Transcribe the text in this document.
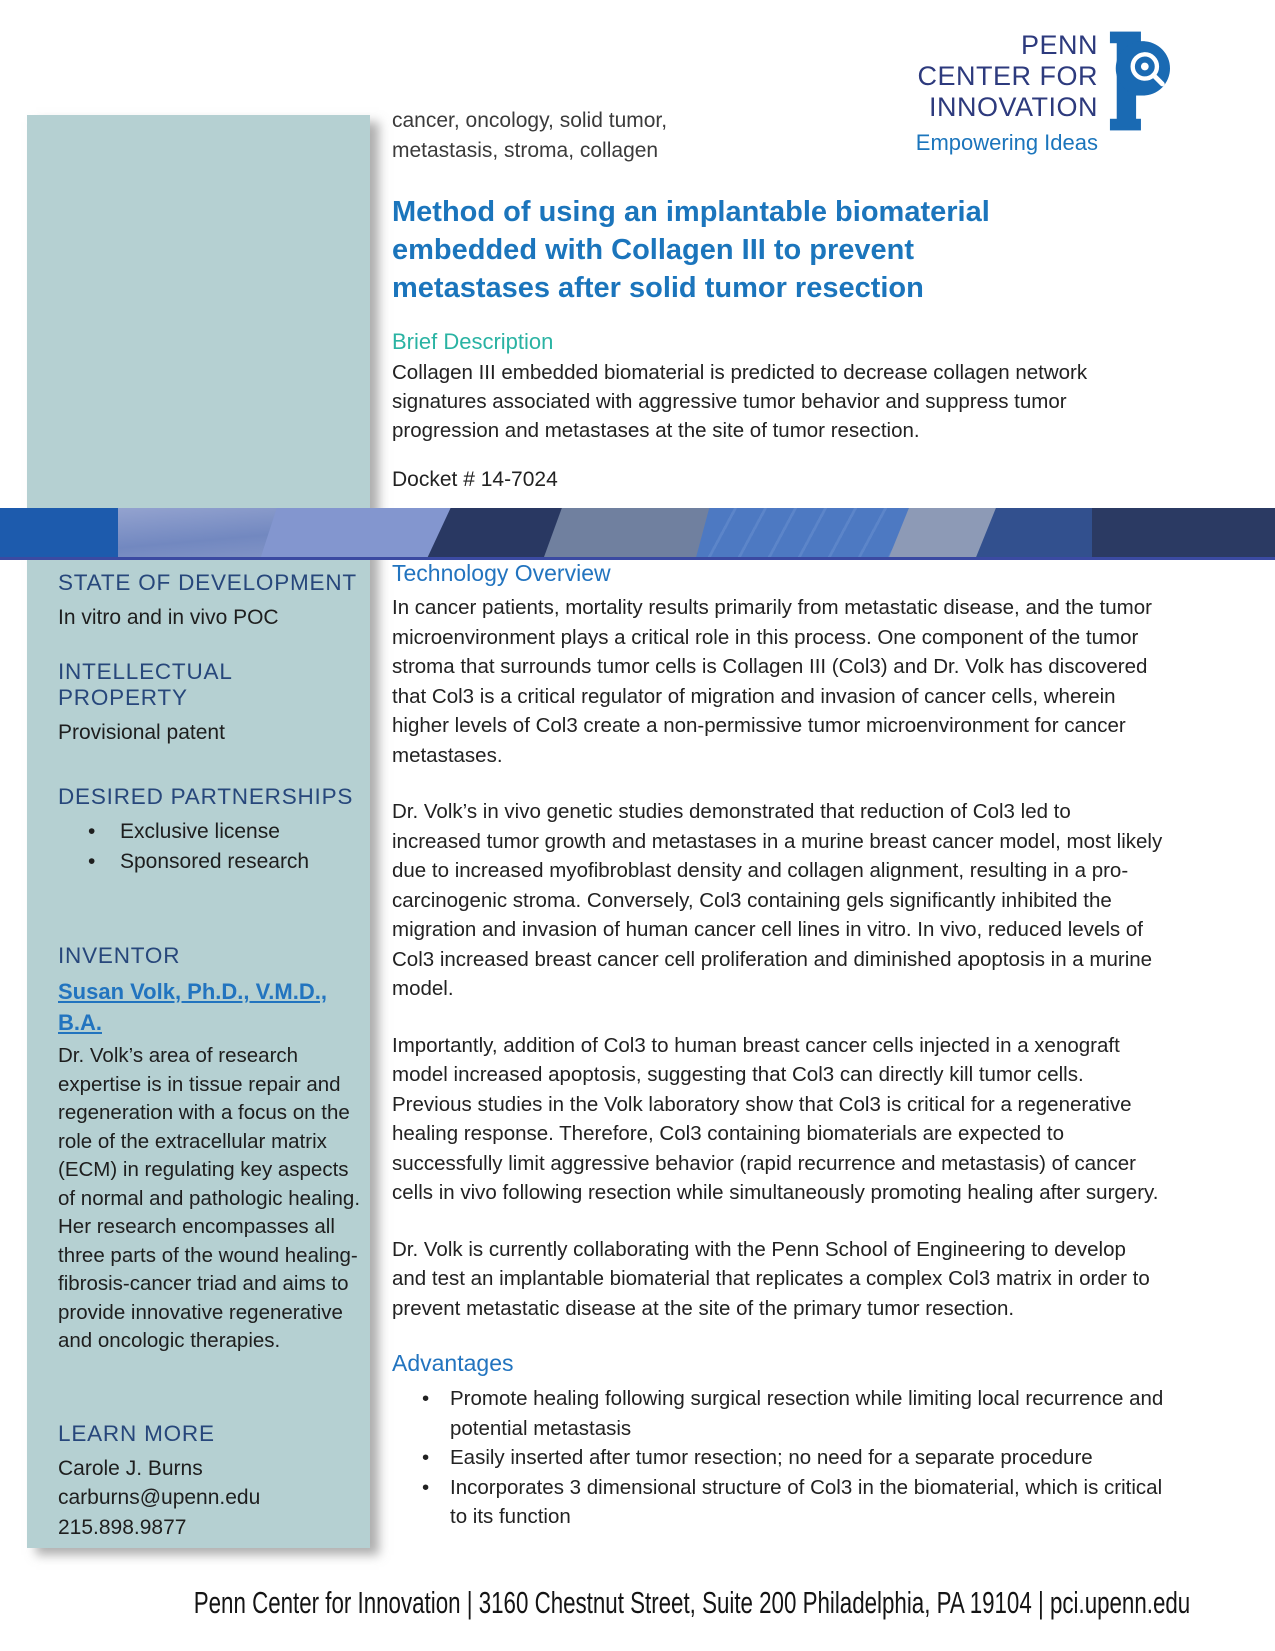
PENN
CENTER FOR
INNOVATION
Empowering Ideas
cancer, oncology, solid tumor,
metastasis, stroma, collagen
Method of using an implantable biomaterial
embedded with Collagen III to prevent
metastases after solid tumor resection
Brief Description
Collagen III embedded biomaterial is predicted to decrease collagen network signatures associated with aggressive tumor behavior and suppress tumor progression and metastases at the site of tumor resection.
Docket # 14-7024
STATE OF DEVELOPMENT
In vitro and in vivo POC
INTELLECTUAL PROPERTY
Provisional patent
DESIRED PARTNERSHIPS
• Exclusive license
• Sponsored research
INVENTOR
Susan Volk, Ph.D., V.M.D., B.A.
Dr. Volk’s area of research expertise is in tissue repair and regeneration with a focus on the role of the extracellular matrix (ECM) in regulating key aspects of normal and pathologic healing. Her research encompasses all three parts of the wound healing-fibrosis-cancer triad and aims to provide innovative regenerative and oncologic therapies.
LEARN MORE
Carole J. Burns
carburns@upenn.edu
215.898.9877
Technology Overview

In cancer patients, mortality results primarily from metastatic disease, and the tumor microenvironment plays a critical role in this process. One component of the tumor stroma that surrounds tumor cells is Collagen III (Col3) and Dr. Volk has discovered that Col3 is a critical regulator of migration and invasion of cancer cells, wherein higher levels of Col3 create a non-permissive tumor microenvironment for cancer metastases.

Dr. Volk’s in vivo genetic studies demonstrated that reduction of Col3 led to increased tumor growth and metastases in a murine breast cancer model, most likely due to increased myofibroblast density and collagen alignment, resulting in a pro-carcinogenic stroma. Conversely, Col3 containing gels significantly inhibited the migration and invasion of human cancer cell lines in vitro. In vivo, reduced levels of Col3 increased breast cancer cell proliferation and diminished apoptosis in a murine model.

Importantly, addition of Col3 to human breast cancer cells injected in a xenograft model increased apoptosis, suggesting that Col3 can directly kill tumor cells. Previous studies in the Volk laboratory show that Col3 is critical for a regenerative healing response. Therefore, Col3 containing biomaterials are expected to successfully limit aggressive behavior (rapid recurrence and metastasis) of cancer cells in vivo following resection while simultaneously promoting healing after surgery.

Dr. Volk is currently collaborating with the Penn School of Engineering to develop and test an implantable biomaterial that replicates a complex Col3 matrix in order to prevent metastatic disease at the site of the primary tumor resection.

Advantages
• Promote healing following surgical resection while limiting local recurrence and potential metastasis
• Easily inserted after tumor resection; no need for a separate procedure
• Incorporates 3 dimensional structure of Col3 in the biomaterial, which is critical to its function
Penn Center for Innovation | 3160 Chestnut Street, Suite 200 Philadelphia, PA 19104 | pci.upenn.edu
